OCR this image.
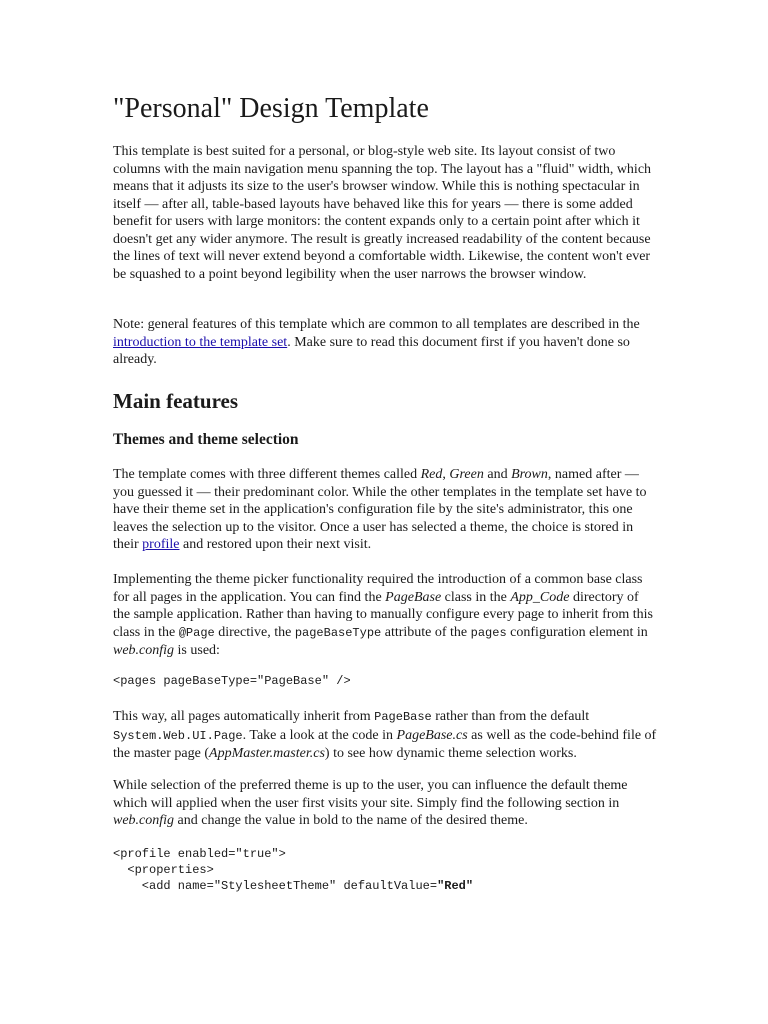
"Personal" Design Template

This template is best suited for a personal, or blog-style web site. Its layout consist of two columns with the main navigation menu spanning the top. The layout has a "fluid" width, which means that it adjusts its size to the user's browser window. While this is nothing spectacular in itself — after all, table-based layouts have behaved like this for years — there is some added benefit for users with large monitors: the content expands only to a certain point after which it doesn't get any wider anymore. The result is greatly increased readability of the content because the lines of text will never extend beyond a comfortable width. Likewise, the content won't ever be squashed to a point beyond legibility when the user narrows the browser window.

Note: general features of this template which are common to all templates are described in the introduction to the template set. Make sure to read this document first if you haven't done so already.

Main features
Themes and theme selection

The template comes with three different themes called Red, Green and Brown, named after — you guessed it — their predominant color. While the other templates in the template set have to have their theme set in the application's configuration file by the site's administrator, this one leaves the selection up to the visitor. Once a user has selected a theme, the choice is stored in their profile and restored upon their next visit.

Implementing the theme picker functionality required the introduction of a common base class for all pages in the application. You can find the PageBase class in the App_Code directory of the sample application. Rather than having to manually configure every page to inherit from this class in the @Page directive, the pageBaseType attribute of the pages configuration element in web.config is used:

<pages pageBaseType="PageBase" />

This way, all pages automatically inherit from PageBase rather than from the default System.Web.UI.Page. Take a look at the code in PageBase.cs as well as the code-behind file of the master page (AppMaster.master.cs) to see how dynamic theme selection works.

While selection of the preferred theme is up to the user, you can influence the default theme which will applied when the user first visits your site. Simply find the following section in web.config and change the value in bold to the name of the desired theme.

<profile enabled="true">
<properties>
<add name="StylesheetTheme" defaultValue="Red"
